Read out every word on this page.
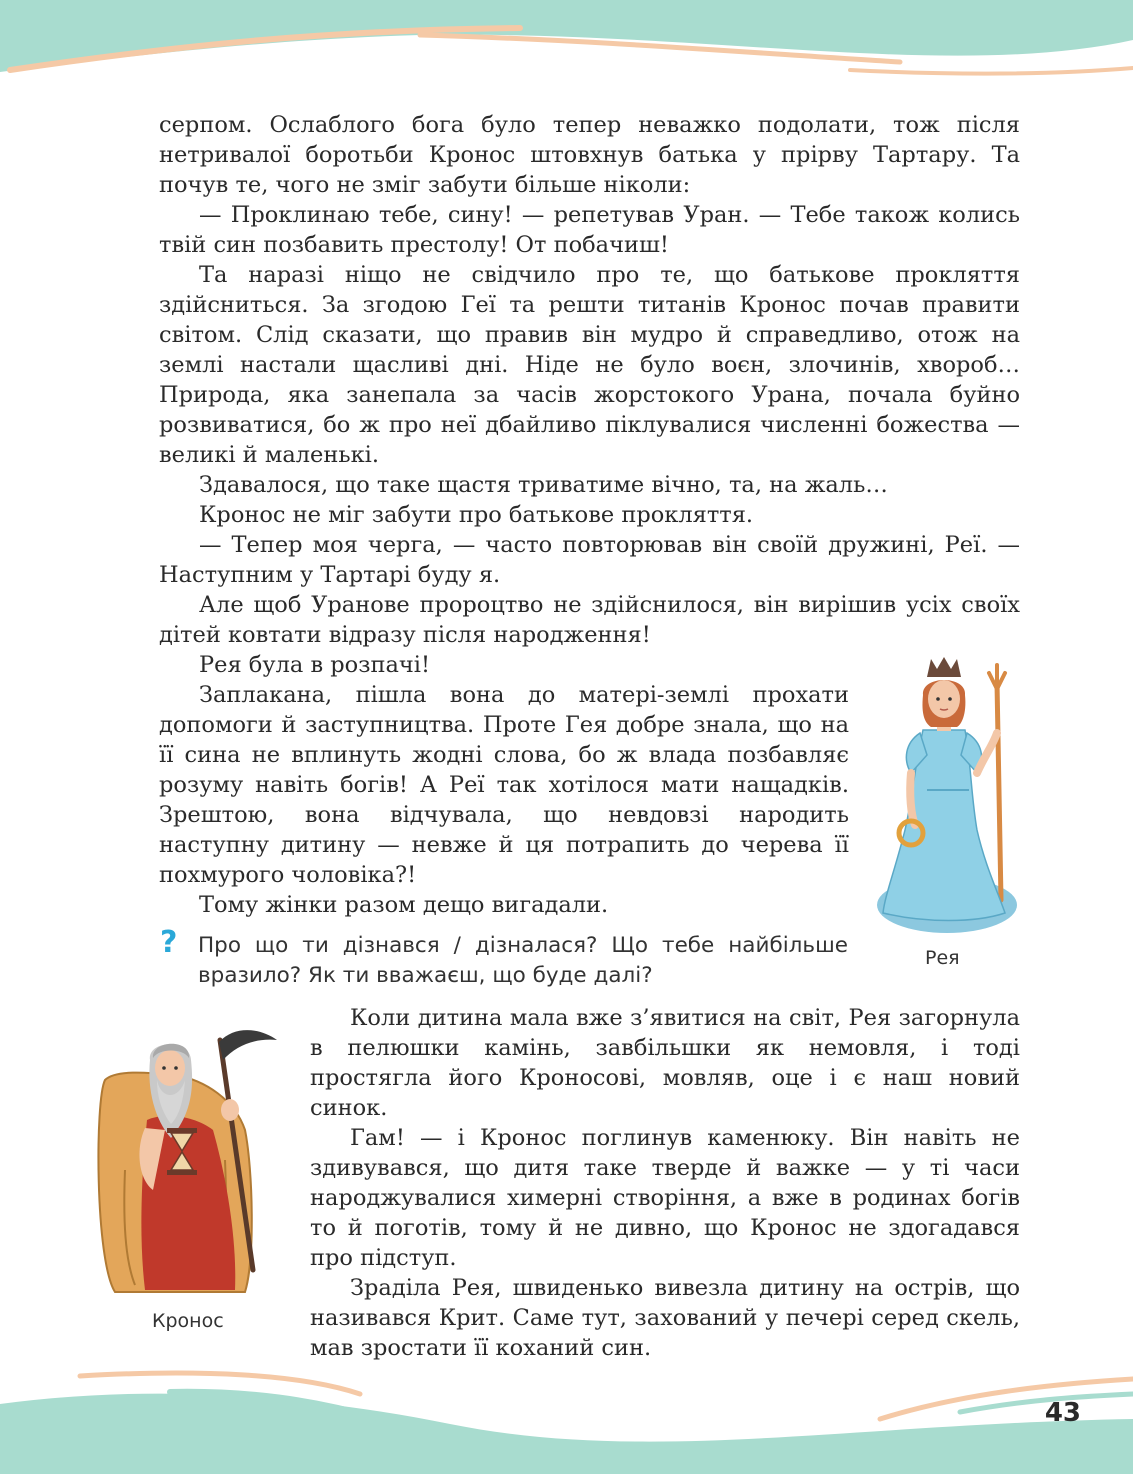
серпом. Ослаблого бога було тепер неважко подолати, тож після нетривалої боротьби Кронос штовхнув батька у прірву Тартару. Та почув те, чого не зміг забути більше ніколи:

— Проклинаю тебе, сину! — репетував Уран. — Тебе також колись твій син позбавить престолу! От побачиш!

Та наразі ніщо не свідчило про те, що батькове прокляття здійсниться. За згодою Геї та решти титанів Кронос почав правити світом. Слід сказати, що правив він мудро й справедливо, отож на землі настали щасливі дні. Ніде не було воєн, злочинів, хвороб… Природа, яка занепала за часів жорстокого Урана, почала буйно розвиватися, бо ж про неї дбайливо піклувалися численні божества — великі й маленькі.

Здавалося, що таке щастя триватиме вічно, та, на жаль…

Кронос не міг забути про батькове прокляття.

— Тепер моя черга, — часто повторював він своїй дружині, Реї. — Наступним у Тартарі буду я.

Але щоб Уранове пророцтво не здійснилося, він вирішив усіх своїх дітей ковтати відразу після народження!

Рея була в розпачі!

Заплакана, пішла вона до матері-землі прохати допомоги й заступництва. Проте Гея добре знала, що на її сина не вплинуть жодні слова, бо ж влада позбавляє розуму навіть богів! А Реї так хотілося мати нащадків. Зрештою, вона відчувала, що невдовзі народить наступну дитину — невже й ця потрапить до черева її похмурого чоловіка?!

Тому жінки разом дещо вигадали.

? Про що ти дізнався / дізналася? Що тебе найбільше вразило? Як ти вважаєш, що буде далі?

Рея
Кронос

Коли дитина мала вже з’явитися на світ, Рея загорнула в пелюшки камінь, завбільшки як немовля, і тоді простягла його Кроносові, мовляв, оце і є наш новий синок.

Гам! — і Кронос поглинув каменюку. Він навіть не здивувався, що дитя таке тверде й важке — у ті часи народжувалися химерні створіння, а вже в родинах богів то й поготів, тому й не дивно, що Кронос не здогадався про підступ.

Зраділа Рея, швиденько вивезла дитину на острів, що називався Крит. Саме тут, захований у печері серед скель, мав зростати її коханий син.

43
